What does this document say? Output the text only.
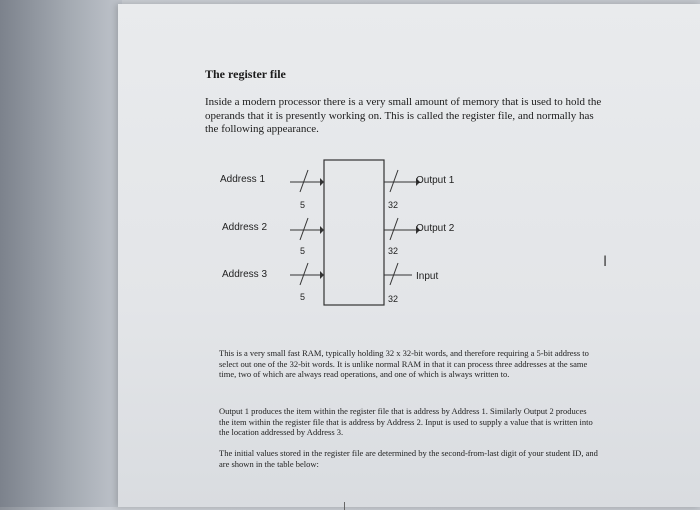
The register file
Inside a modern processor there is a very small amount of memory that is used to hold the operands that it is presently working on. This is called the register file, and normally has the following appearance.
Address 1
Address 2
Address 3
5
5
5
Output 1
Output 2
Input
32
32
32
I
This is a very small fast RAM, typically holding 32 x 32-bit words, and therefore requiring a 5-bit address to select out one of the 32-bit words. It is unlike normal RAM in that it can process three addresses at the same time, two of which are always read operations, and one of which is always written to.
Output 1 produces the item within the register file that is address by Address 1. Similarly Output 2 produces the item within the register file that is address by Address 2. Input is used to supply a value that is written into the location addressed by Address 3.
The initial values stored in the register file are determined by the second-from-last digit of your student ID, and are shown in the table below:
